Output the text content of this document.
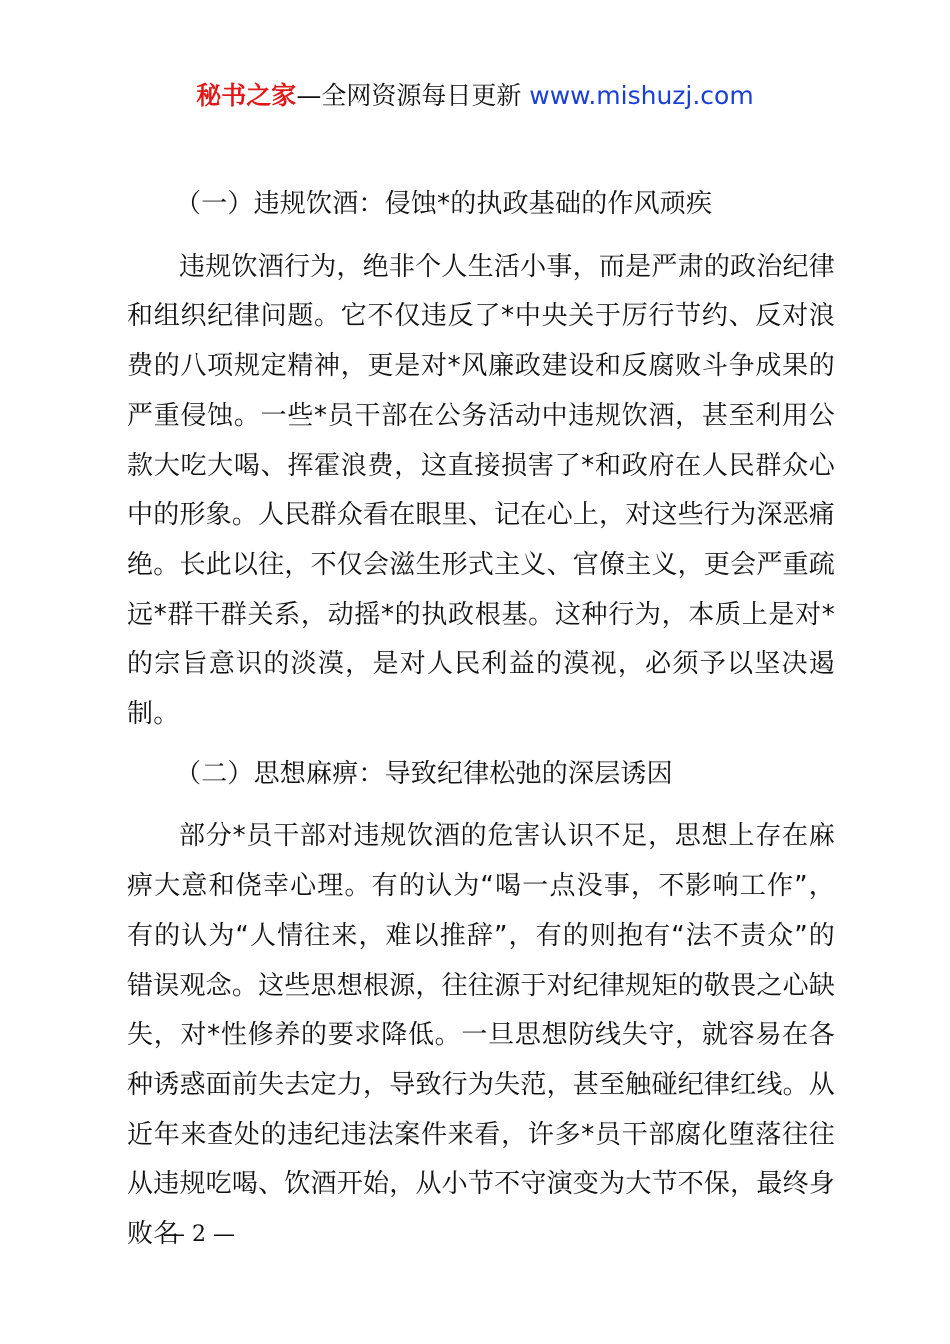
秘书之家—全网资源每日更新 www.mishuzj.com

（一）违规饮酒：侵蚀*的执政基础的作风顽疾

违规饮酒行为，绝非个人生活小事，而是严肃的政治纪律和组织纪律问题。它不仅违反了*中央关于厉行节约、反对浪费的八项规定精神，更是对*风廉政建设和反腐败斗争成果的严重侵蚀。一些*员干部在公务活动中违规饮酒，甚至利用公款大吃大喝、挥霍浪费，这直接损害了*和政府在人民群众心中的形象。人民群众看在眼里、记在心上，对这些行为深恶痛绝。长此以往，不仅会滋生形式主义、官僚主义，更会严重疏远*群干群关系，动摇*的执政根基。这种行为，本质上是对*的宗旨意识的淡漠，是对人民利益的漠视，必须予以坚决遏制。

（二）思想麻痹：导致纪律松弛的深层诱因

部分*员干部对违规饮酒的危害认识不足，思想上存在麻痹大意和侥幸心理。有的认为“喝一点没事，不影响工作”，有的认为“人情往来，难以推辞”，有的则抱有“法不责众”的错误观念。这些思想根源，往往源于对纪律规矩的敬畏之心缺失，对*性修养的要求降低。一旦思想防线失守，就容易在各种诱惑面前失去定力，导致行为失范，甚至触碰纪律红线。从近年来查处的违纪违法案件来看，许多*员干部腐化堕落往往从违规吃喝、饮酒开始，从小节不守演变为大节不保，最终身败名

— 2 —
